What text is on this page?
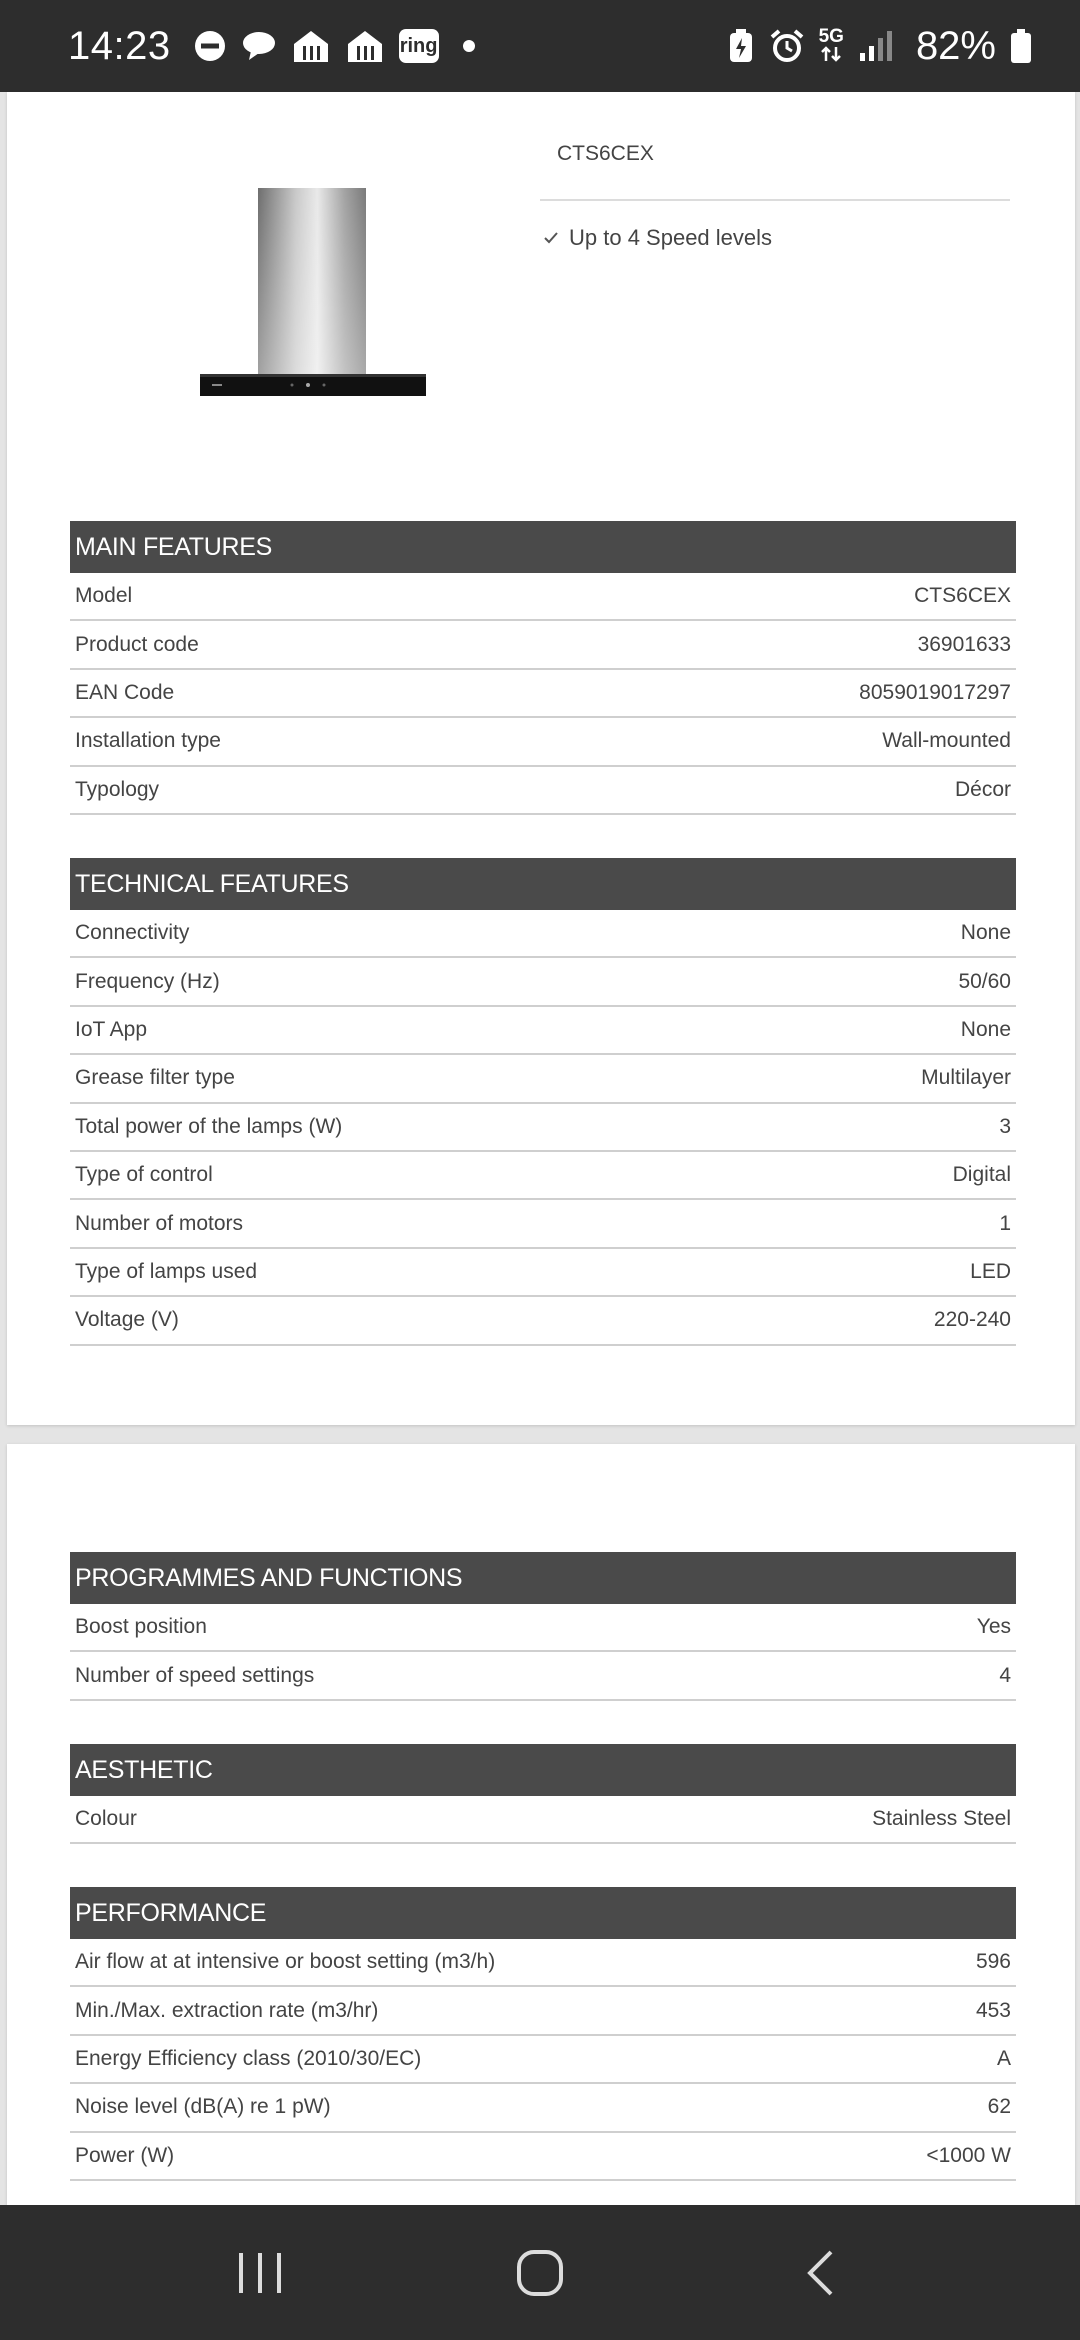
14:23	ring	5G 82%
CTS6CEX
Up to 4 Speed levels
MAIN FEATURES
Model	CTS6CEX
Product code	36901633
EAN Code	8059019017297
Installation type	Wall-mounted
Typology	Décor
TECHNICAL FEATURES
Connectivity	None
Frequency (Hz)	50/60
IoT App	None
Grease filter type	Multilayer
Total power of the lamps (W)	3
Type of control	Digital
Number of motors	1
Type of lamps used	LED
Voltage (V)	220-240
PROGRAMMES AND FUNCTIONS
Boost position	Yes
Number of speed settings	4
AESTHETIC
Colour	Stainless Steel
PERFORMANCE
Air flow at at intensive or boost setting (m3/h)	596
Min./Max. extraction rate (m3/hr)	453
Energy Efficiency class (2010/30/EC)	A
Noise level (dB(A) re 1 pW)	62
Power (W)	<1000 W
